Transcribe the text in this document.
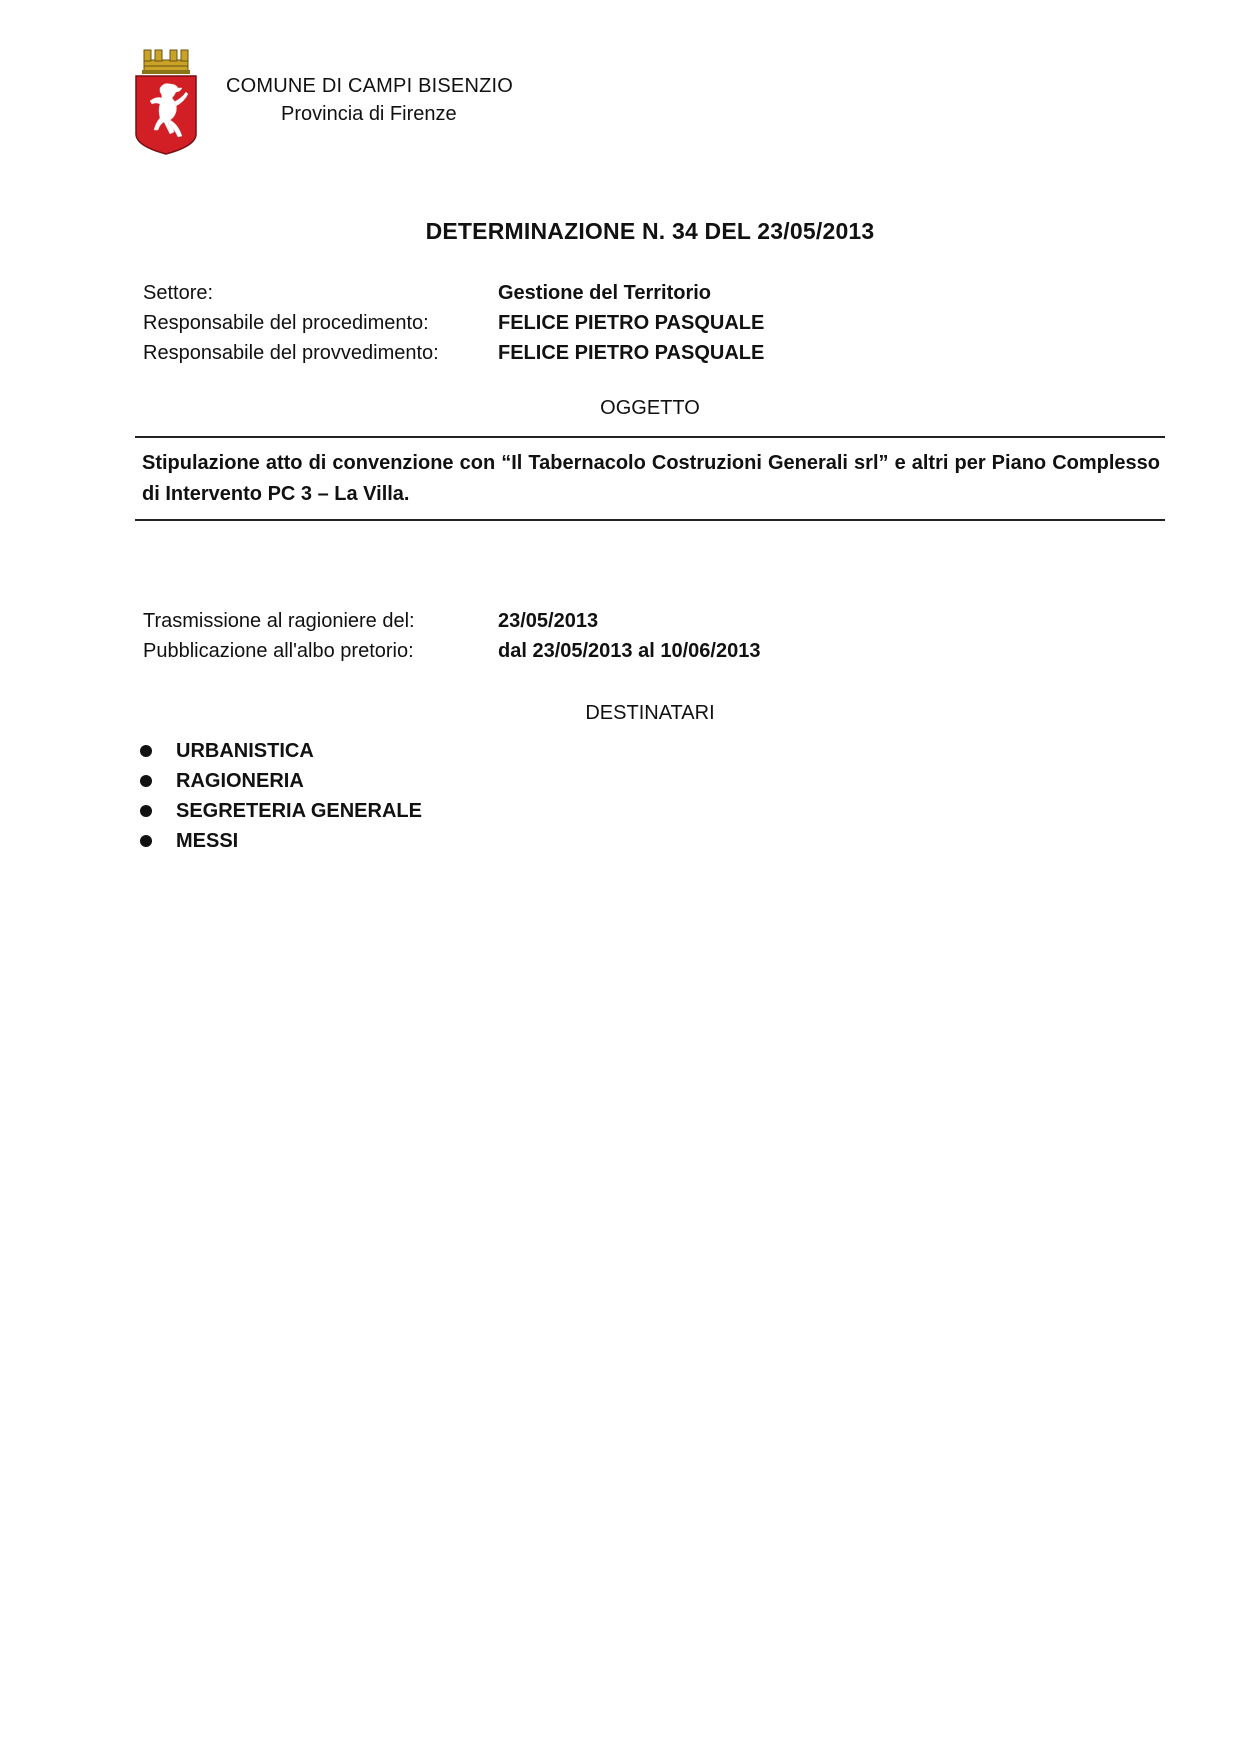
COMUNE DI CAMPI BISENZIO
Provincia di Firenze
DETERMINAZIONE N. 34 DEL 23/05/2013
Settore:	Gestione del Territorio
Responsabile del procedimento:	FELICE PIETRO PASQUALE
Responsabile del provvedimento:	FELICE PIETRO PASQUALE
OGGETTO
Stipulazione atto di convenzione con “Il Tabernacolo Costruzioni Generali srl” e altri per Piano Complesso di Intervento PC 3 – La Villa.
Trasmissione al ragioniere del:	23/05/2013
Pubblicazione all'albo pretorio:	dal 23/05/2013 al 10/06/2013
DESTINATARI
URBANISTICA
RAGIONERIA
SEGRETERIA GENERALE
MESSI
